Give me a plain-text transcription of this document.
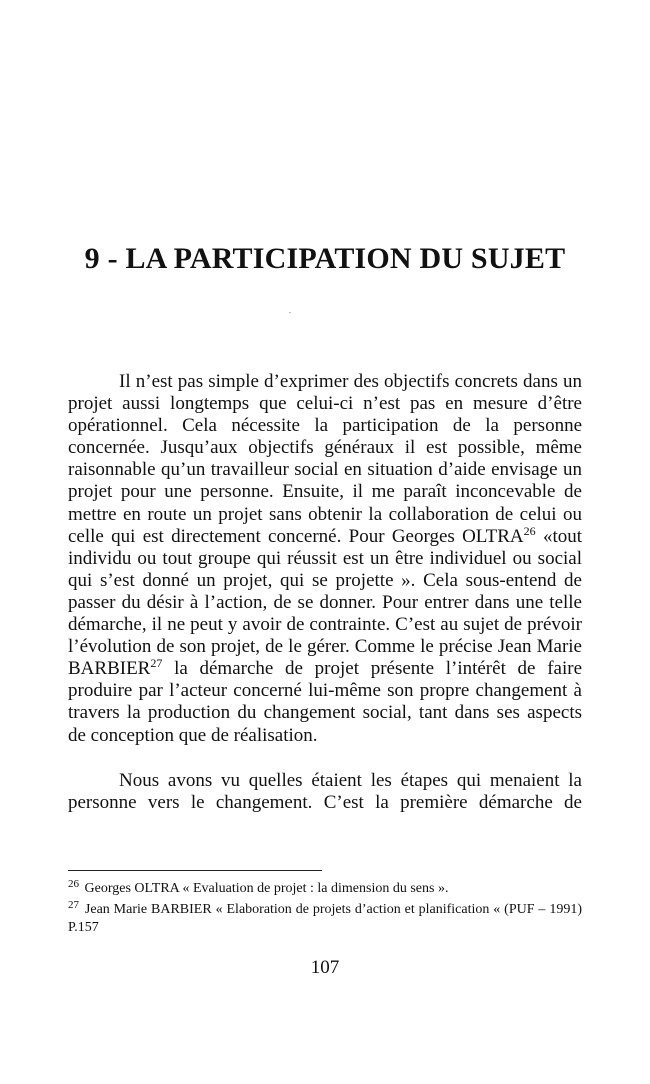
9 - LA PARTICIPATION DU SUJET

Il n’est pas simple d’exprimer des objectifs concrets dans un projet aussi longtemps que celui-ci n’est pas en mesure d’être opérationnel. Cela nécessite la participation de la personne concernée. Jusqu’aux objectifs généraux il est possible, même raisonnable qu’un travailleur social en situation d’aide envisage un projet pour une personne. Ensuite, il me paraît inconcevable de mettre en route un projet sans obtenir la collaboration de celui ou celle qui est directement concerné. Pour Georges OLTRA$^{26}$ «tout individu ou tout groupe qui réussit est un être individuel ou social qui s’est donné un projet, qui se projette ». Cela sous-entend de passer du désir à l’action, de se donner. Pour entrer dans une telle démarche, il ne peut y avoir de contrainte. C’est au sujet de prévoir l’évolution de son projet, de le gérer. Comme le précise Jean Marie BARBIER$^{27}$ la démarche de projet présente l’intérêt de faire produire par l’acteur concerné lui-même son propre changement à travers la production du changement social, tant dans ses aspects de conception que de réalisation.

Nous avons vu quelles étaient les étapes qui menaient la personne vers le changement. C’est la première démarche de

$^{26}$ Georges OLTRA « Evaluation de projet : la dimension du sens ».

$^{27}$ Jean Marie BARBIER « Elaboration de projets d’action et planification « (PUF – 1991) P.157

107
